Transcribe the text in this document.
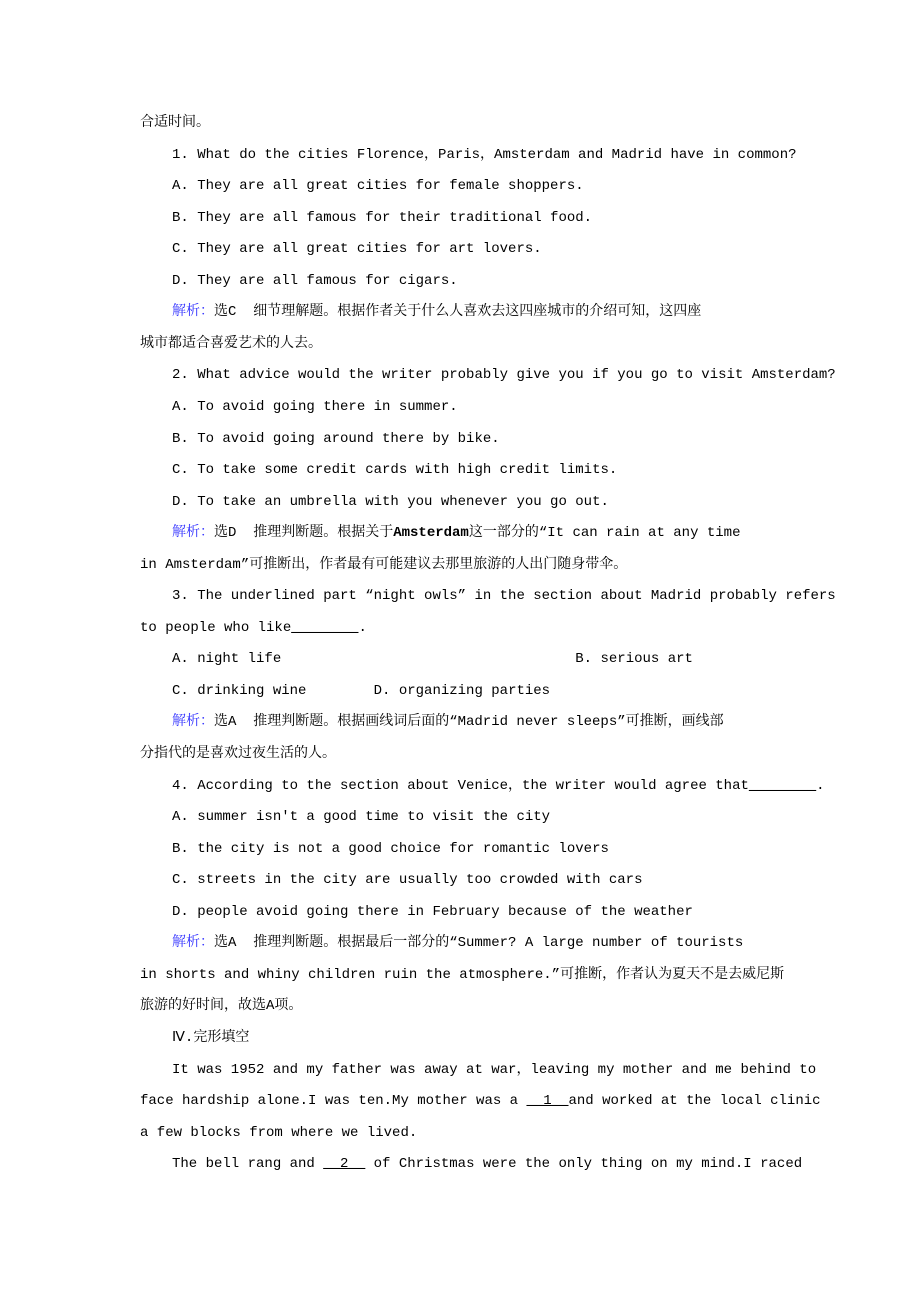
合适时间。
1. What do the cities Florence，Paris，Amsterdam and Madrid have in common?
A. They are all great cities for female shoppers.
B. They are all famous for their traditional food.
C. They are all great cities for art lovers.
D. They are all famous for cigars.
解析：选C  细节理解题。根据作者关于什么人喜欢去这四座城市的介绍可知，这四座
城市都适合喜爱艺术的人去。
2. What advice would the writer probably give you if you go to visit Amsterdam?
A. To avoid going there in summer.
B. To avoid going around there by bike.
C. To take some credit cards with high credit limits.
D. To take an umbrella with you whenever you go out.
解析：选D  推理判断题。根据关于Amsterdam这一部分的“It can rain at any time
in Amsterdam”可推断出，作者最有可能建议去那里旅游的人出门随身带伞。
3. The underlined part “night owls” in the section about Madrid probably refers
to people who like________.
A. night life	B. serious art
C. drinking wine	D. organizing parties
解析：选A  推理判断题。根据画线词后面的“Madrid never sleeps”可推断，画线部
分指代的是喜欢过夜生活的人。
4. According to the section about Venice，the writer would agree that________.
A. summer isn't a good time to visit the city
B. the city is not a good choice for romantic lovers
C. streets in the city are usually too crowded with cars
D. people avoid going there in February because of the weather
解析：选A  推理判断题。根据最后一部分的“Summer? A large number of tourists
in shorts and whiny children ruin the atmosphere.”可推断，作者认为夏天不是去威尼斯
旅游的好时间，故选A项。
Ⅳ.完形填空
It was 1952 and my father was away at war，leaving my mother and me behind to
face hardship alone.I was ten.My mother was a __1__and worked at the local clinic
a few blocks from where we lived.
The bell rang and __2__ of Christmas were the only thing on my mind.I raced
